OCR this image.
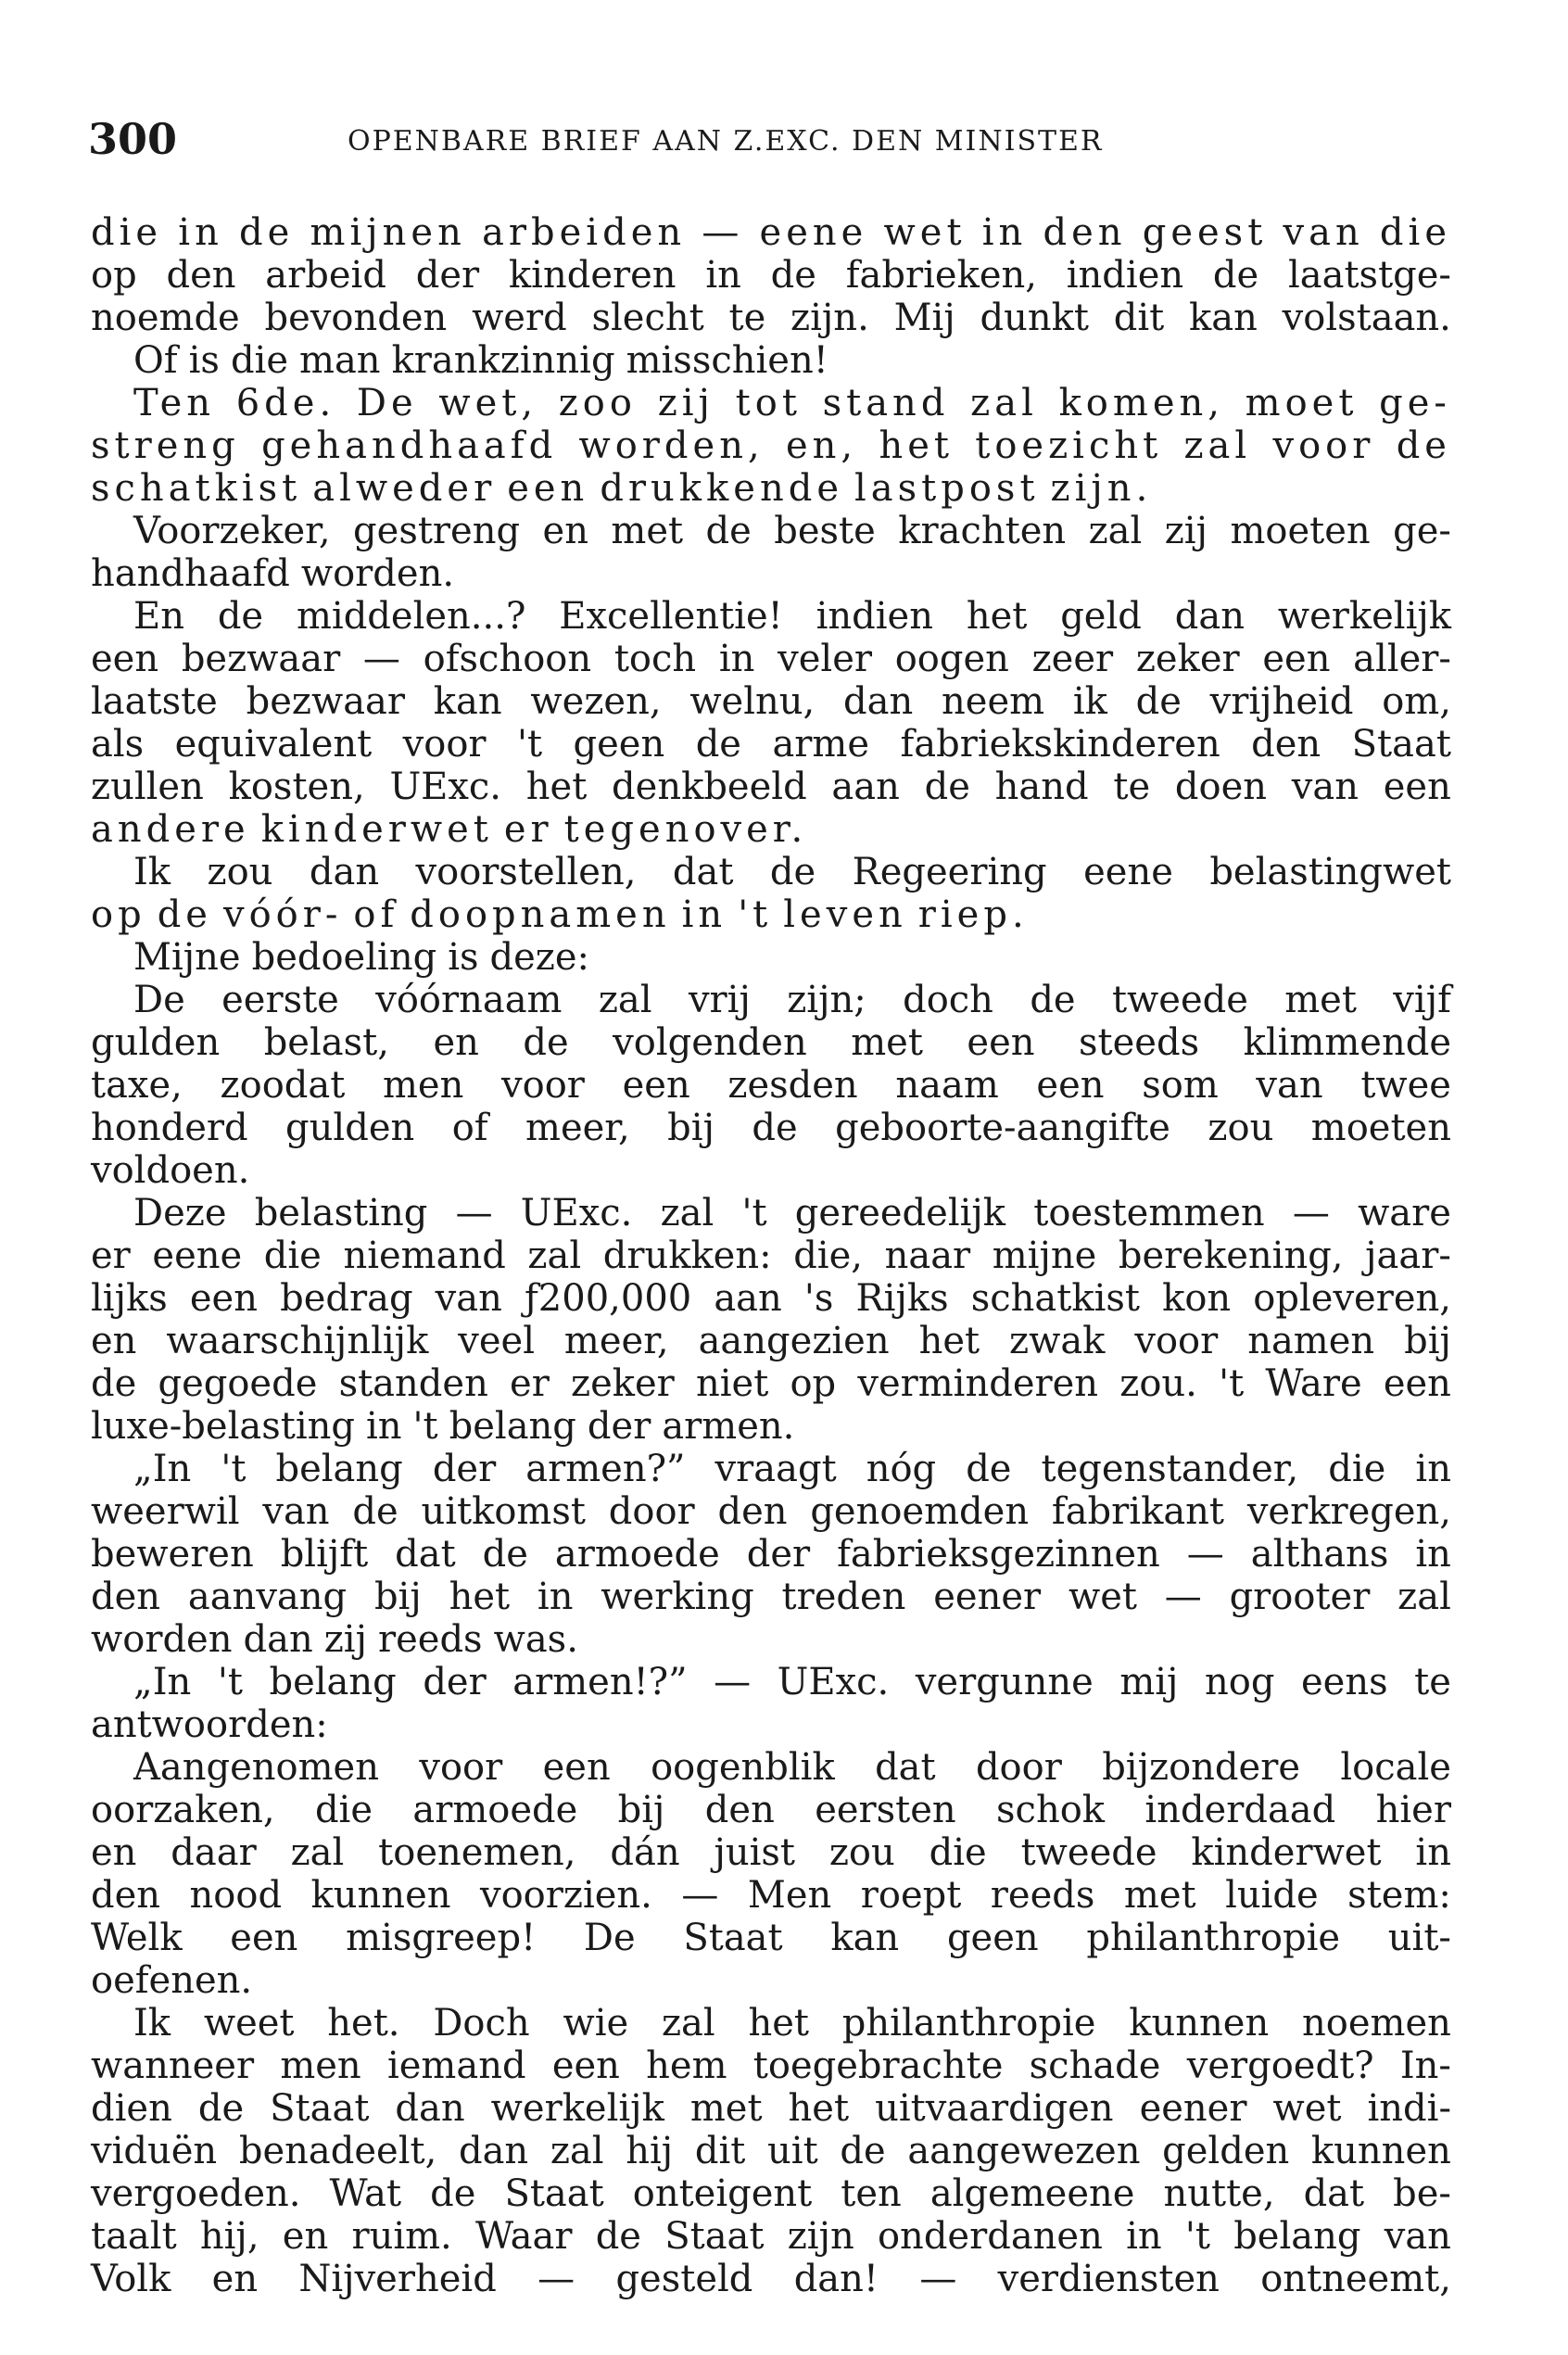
300	OPENBARE BRIEF AAN Z.EXC. DEN MINISTER
die in de mijnen arbeiden — eene wet in den geest van die
op den arbeid der kinderen in de fabrieken, indien de laatstge-
noemde bevonden werd slecht te zijn. Mij dunkt dit kan volstaan.
Of is die man krankzinnig misschien!
Ten 6de. De wet, zoo zij tot stand zal komen, moet ge-
streng gehandhaafd worden, en, het toezicht zal voor de
schatkist alweder een drukkende lastpost zijn.
Voorzeker, gestreng en met de beste krachten zal zij moeten ge-
handhaafd worden.
En de middelen...? Excellentie! indien het geld dan werkelijk
een bezwaar — ofschoon toch in veler oogen zeer zeker een aller-
laatste bezwaar kan wezen, welnu, dan neem ik de vrijheid om,
als equivalent voor 't geen de arme fabriekskinderen den Staat
zullen kosten, UExc. het denkbeeld aan de hand te doen van een
andere kinderwet er tegenover.
Ik zou dan voorstellen, dat de Regeering eene belastingwet
op de vóór- of doopnamen in 't leven riep.
Mijne bedoeling is deze:
De eerste vóórnaam zal vrij zijn; doch de tweede met vijf
gulden belast, en de volgenden met een steeds klimmende
taxe, zoodat men voor een zesden naam een som van twee
honderd gulden of meer, bij de geboorte-aangifte zou moeten
voldoen.
Deze belasting — UExc. zal 't gereedelijk toestemmen — ware
er eene die niemand zal drukken: die, naar mijne berekening, jaar-
lijks een bedrag van ƒ200,000 aan 's Rijks schatkist kon opleveren,
en waarschijnlijk veel meer, aangezien het zwak voor namen bij
de gegoede standen er zeker niet op verminderen zou. 't Ware een
luxe-belasting in 't belang der armen.
„In 't belang der armen?” vraagt nóg de tegenstander, die in
weerwil van de uitkomst door den genoemden fabrikant verkregen,
beweren blijft dat de armoede der fabrieksgezinnen — althans in
den aanvang bij het in werking treden eener wet — grooter zal
worden dan zij reeds was.
„In 't belang der armen!?” — UExc. vergunne mij nog eens te
antwoorden:
Aangenomen voor een oogenblik dat door bijzondere locale
oorzaken, die armoede bij den eersten schok inderdaad hier
en daar zal toenemen, dán juist zou die tweede kinderwet in
den nood kunnen voorzien. — Men roept reeds met luide stem:
Welk een misgreep! De Staat kan geen philanthropie uit-
oefenen.
Ik weet het. Doch wie zal het philanthropie kunnen noemen
wanneer men iemand een hem toegebrachte schade vergoedt? In-
dien de Staat dan werkelijk met het uitvaardigen eener wet indi-
viduën benadeelt, dan zal hij dit uit de aangewezen gelden kunnen
vergoeden. Wat de Staat onteigent ten algemeene nutte, dat be-
taalt hij, en ruim. Waar de Staat zijn onderdanen in 't belang van
Volk en Nijverheid — gesteld dan! — verdiensten ontneemt,
